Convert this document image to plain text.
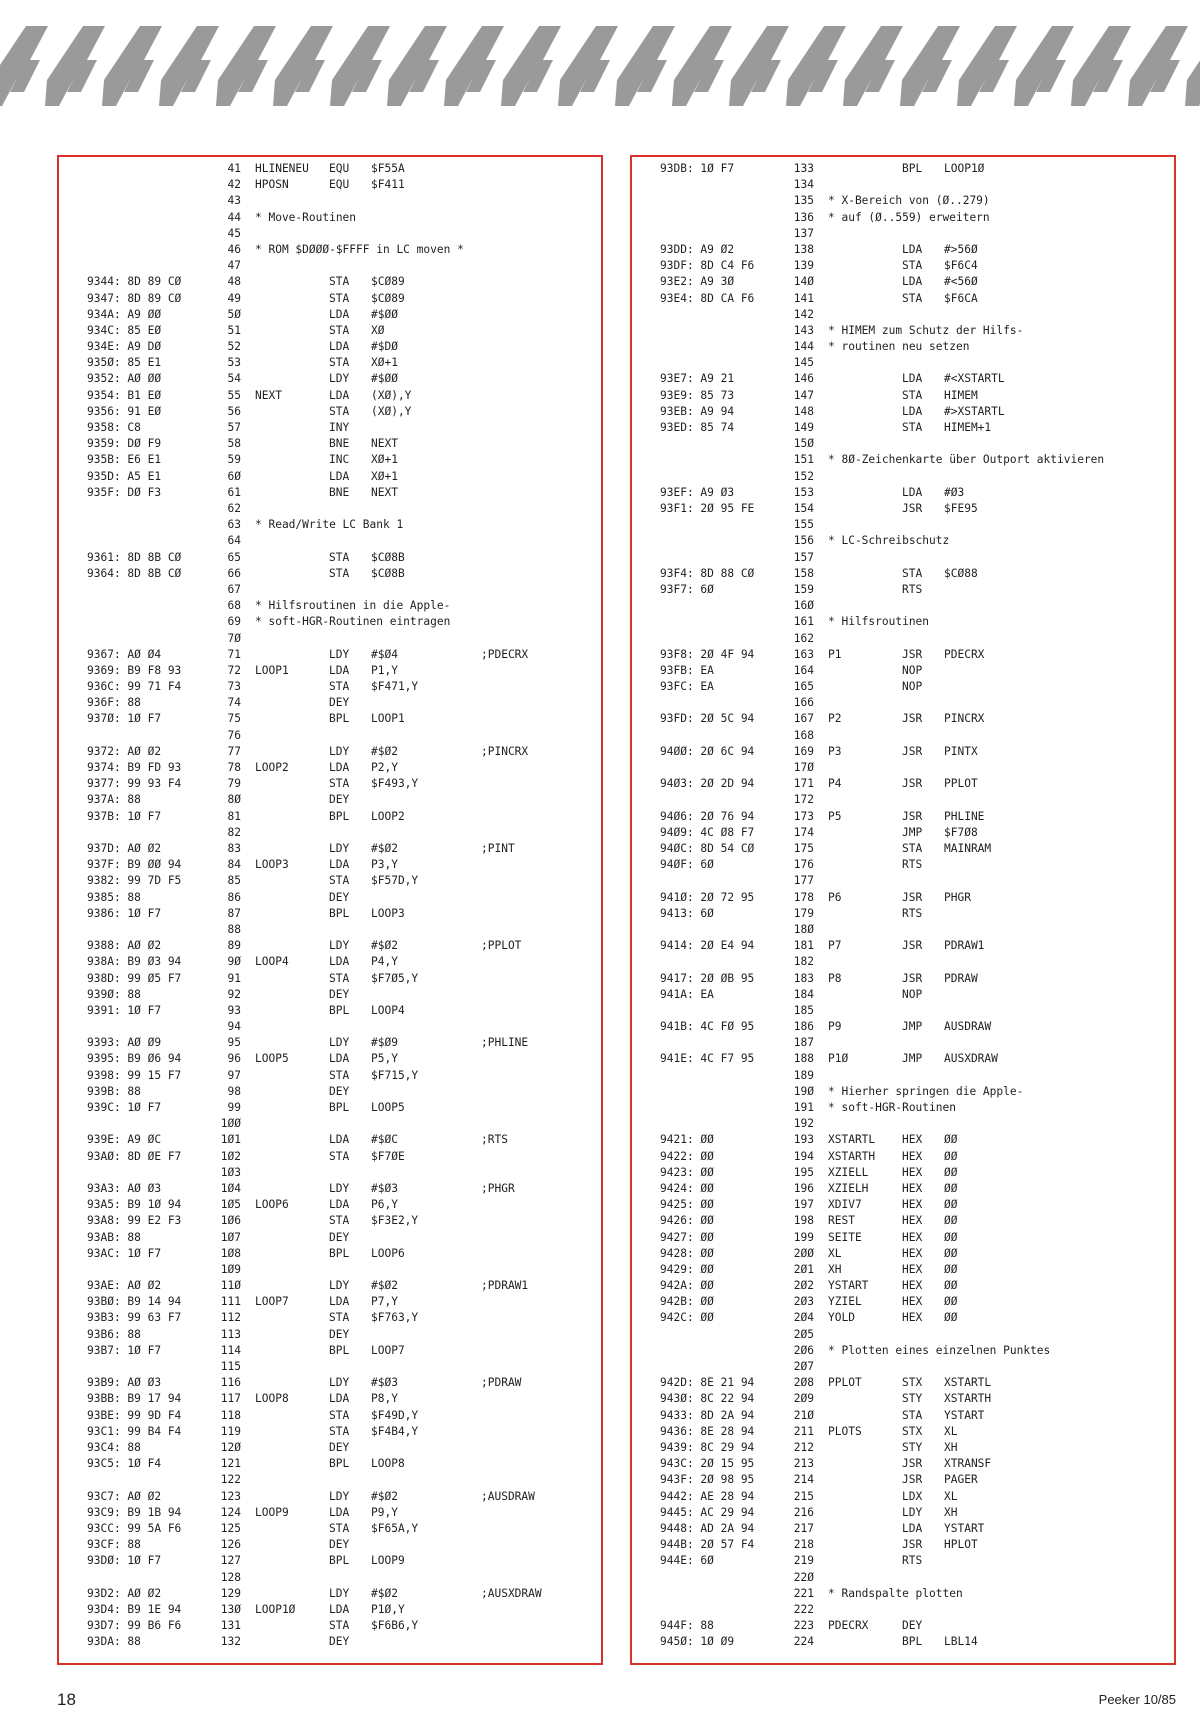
41 HLINENEU EQU $F55A
42 HPOSN	EQU $F411
43
44 * Move-Routinen
45
46 * ROM $DØØØ-$FFFF in LC moven *
47
9344: 8D 89 CØ	48	STA $CØ89
9347: 8D 89 CØ	49	STA $CØ89
934A: A9 ØØ	5Ø	LDA #$ØØ
934C: 85 EØ	51	STA XØ
934E: A9 DØ	52	LDA #$DØ
935Ø: 85 E1	53	STA XØ+1
9352: AØ ØØ	54	LDY #$ØØ
9354: B1 EØ	55 NEXT	LDA (XØ),Y
9356: 91 EØ	56	STA (XØ),Y
9358: C8	57	INY
9359: DØ F9	58	BNE NEXT
935B: E6 E1	59	INC XØ+1
935D: A5 E1	6Ø	LDA XØ+1
935F: DØ F3	61	BNE NEXT
62
63 * Read/Write LC Bank 1
64
9361: 8D 8B CØ	65	STA $CØ8B
9364: 8D 8B CØ	66	STA $CØ8B
67
68 * Hilfsroutinen in die Apple-
69 * soft-HGR-Routinen eintragen
7Ø
9367: AØ Ø4	71	LDY #$Ø4	;PDECRX
9369: B9 F8 93	72 LOOP1	LDA P1,Y
936C: 99 71 F4	73	STA $F471,Y
936F: 88	74	DEY
937Ø: 1Ø F7	75	BPL LOOP1
76
9372: AØ Ø2	77	LDY #$Ø2	;PINCRX
9374: B9 FD 93	78 LOOP2	LDA P2,Y
9377: 99 93 F4	79	STA $F493,Y
937A: 88	8Ø	DEY
937B: 1Ø F7	81	BPL LOOP2
82
937D: AØ Ø2	83	LDY #$Ø2	;PINT
937F: B9 ØØ 94	84 LOOP3	LDA P3,Y
9382: 99 7D F5	85	STA $F57D,Y
9385: 88	86	DEY
9386: 1Ø F7	87	BPL LOOP3
88
9388: AØ Ø2	89	LDY #$Ø2	;PPLOT
938A: B9 Ø3 94	9Ø LOOP4	LDA P4,Y
938D: 99 Ø5 F7	91	STA $F7Ø5,Y
939Ø: 88	92	DEY
9391: 1Ø F7	93	BPL LOOP4
94
9393: AØ Ø9	95	LDY #$Ø9	;PHLINE
9395: B9 Ø6 94	96 LOOP5	LDA P5,Y
9398: 99 15 F7	97	STA $F715,Y
939B: 88	98	DEY
939C: 1Ø F7	99	BPL LOOP5
1ØØ
939E: A9 ØC	1Ø1	LDA #$ØC	;RTS
93AØ: 8D ØE F7	1Ø2	STA $F7ØE
1Ø3
93A3: AØ Ø3	1Ø4	LDY #$Ø3	;PHGR
93A5: B9 1Ø 94	1Ø5 LOOP6	LDA P6,Y
93A8: 99 E2 F3	1Ø6	STA $F3E2,Y
93AB: 88	1Ø7	DEY
93AC: 1Ø F7	1Ø8	BPL LOOP6
1Ø9
93AE: AØ Ø2	11Ø	LDY #$Ø2	;PDRAW1
93BØ: B9 14 94	111 LOOP7	LDA P7,Y
93B3: 99 63 F7	112	STA $F763,Y
93B6: 88	113	DEY
93B7: 1Ø F7	114	BPL LOOP7
115
93B9: AØ Ø3	116	LDY #$Ø3	;PDRAW
93BB: B9 17 94	117 LOOP8	LDA P8,Y
93BE: 99 9D F4	118	STA $F49D,Y
93C1: 99 B4 F4	119	STA $F4B4,Y
93C4: 88	12Ø	DEY
93C5: 1Ø F4	121	BPL LOOP8
122
93C7: AØ Ø2	123	LDY #$Ø2	;AUSDRAW
93C9: B9 1B 94	124 LOOP9	LDA P9,Y
93CC: 99 5A F6	125	STA $F65A,Y
93CF: 88	126	DEY
93DØ: 1Ø F7	127	BPL LOOP9
128
93D2: AØ Ø2	129	LDY #$Ø2	;AUSXDRAW
93D4: B9 1E 94	13Ø LOOP1Ø	LDA P1Ø,Y
93D7: 99 B6 F6	131	STA $F6B6,Y
93DA: 88	132	DEY
93DB: 1Ø F7	133	BPL LOOP1Ø
134
135 * X-Bereich von (Ø..279)
136 * auf (Ø..559) erweitern
137
93DD: A9 Ø2	138	LDA #>56Ø
93DF: 8D C4 F6	139	STA $F6C4
93E2: A9 3Ø	14Ø	LDA #<56Ø
93E4: 8D CA F6	141	STA $F6CA
142
143 * HIMEM zum Schutz der Hilfs-
144 * routinen neu setzen
145
93E7: A9 21	146	LDA #<XSTARTL
93E9: 85 73	147	STA HIMEM
93EB: A9 94	148	LDA #>XSTARTL
93ED: 85 74	149	STA HIMEM+1
15Ø
151 * 8Ø-Zeichenkarte über Outport aktivieren
152
93EF: A9 Ø3	153	LDA #Ø3
93F1: 2Ø 95 FE	154	JSR $FE95
155
156 * LC-Schreibschutz
157
93F4: 8D 88 CØ	158	STA $CØ88
93F7: 6Ø	159	RTS
16Ø
161 * Hilfsroutinen
162
93F8: 2Ø 4F 94	163 P1	JSR PDECRX
93FB: EA	164	NOP
93FC: EA	165	NOP
166
93FD: 2Ø 5C 94	167 P2	JSR PINCRX
168
94ØØ: 2Ø 6C 94	169 P3	JSR PINTX
17Ø
94Ø3: 2Ø 2D 94	171 P4	JSR PPLOT
172
94Ø6: 2Ø 76 94	173 P5	JSR PHLINE
94Ø9: 4C Ø8 F7	174	JMP $F7Ø8
94ØC: 8D 54 CØ	175	STA MAINRAM
94ØF: 6Ø	176	RTS
177
941Ø: 2Ø 72 95	178 P6	JSR PHGR
9413: 6Ø	179	RTS
18Ø
9414: 2Ø E4 94	181 P7	JSR PDRAW1
182
9417: 2Ø ØB 95	183 P8	JSR PDRAW
941A: EA	184	NOP
185
941B: 4C FØ 95	186 P9	JMP AUSDRAW
187
941E: 4C F7 95	188 P1Ø	JMP AUSXDRAW
189
19Ø * Hierher springen die Apple-
191 * soft-HGR-Routinen
192
9421: ØØ	193 XSTARTL HEX ØØ
9422: ØØ	194 XSTARTH HEX ØØ
9423: ØØ	195 XZIELL	HEX ØØ
9424: ØØ	196 XZIELH	HEX ØØ
9425: ØØ	197 XDIV7	HEX ØØ
9426: ØØ	198 REST	HEX ØØ
9427: ØØ	199 SEITE	HEX ØØ
9428: ØØ	2ØØ XL	HEX ØØ
9429: ØØ	2Ø1 XH	HEX ØØ
942A: ØØ	2Ø2 YSTART	HEX ØØ
942B: ØØ	2Ø3 YZIEL	HEX ØØ
942C: ØØ	2Ø4 YOLD	HEX ØØ
2Ø5
2Ø6 * Plotten eines einzelnen Punktes
2Ø7
942D: 8E 21 94	2Ø8 PPLOT	STX XSTARTL
943Ø: 8C 22 94	2Ø9	STY XSTARTH
9433: 8D 2A 94	21Ø	STA YSTART
9436: 8E 28 94	211 PLOTS	STX XL
9439: 8C 29 94	212	STY XH
943C: 2Ø 15 95	213	JSR XTRANSF
943F: 2Ø 98 95	214	JSR PAGER
9442: AE 28 94	215	LDX XL
9445: AC 29 94	216	LDY XH
9448: AD 2A 94	217	LDA YSTART
944B: 2Ø 57 F4	218	JSR HPLOT
944E: 6Ø	219	RTS
22Ø
221 * Randspalte plotten
222
944F: 88	223 PDECRX	DEY
945Ø: 1Ø Ø9	224	BPL LBL14
18	Peeker 10/85
